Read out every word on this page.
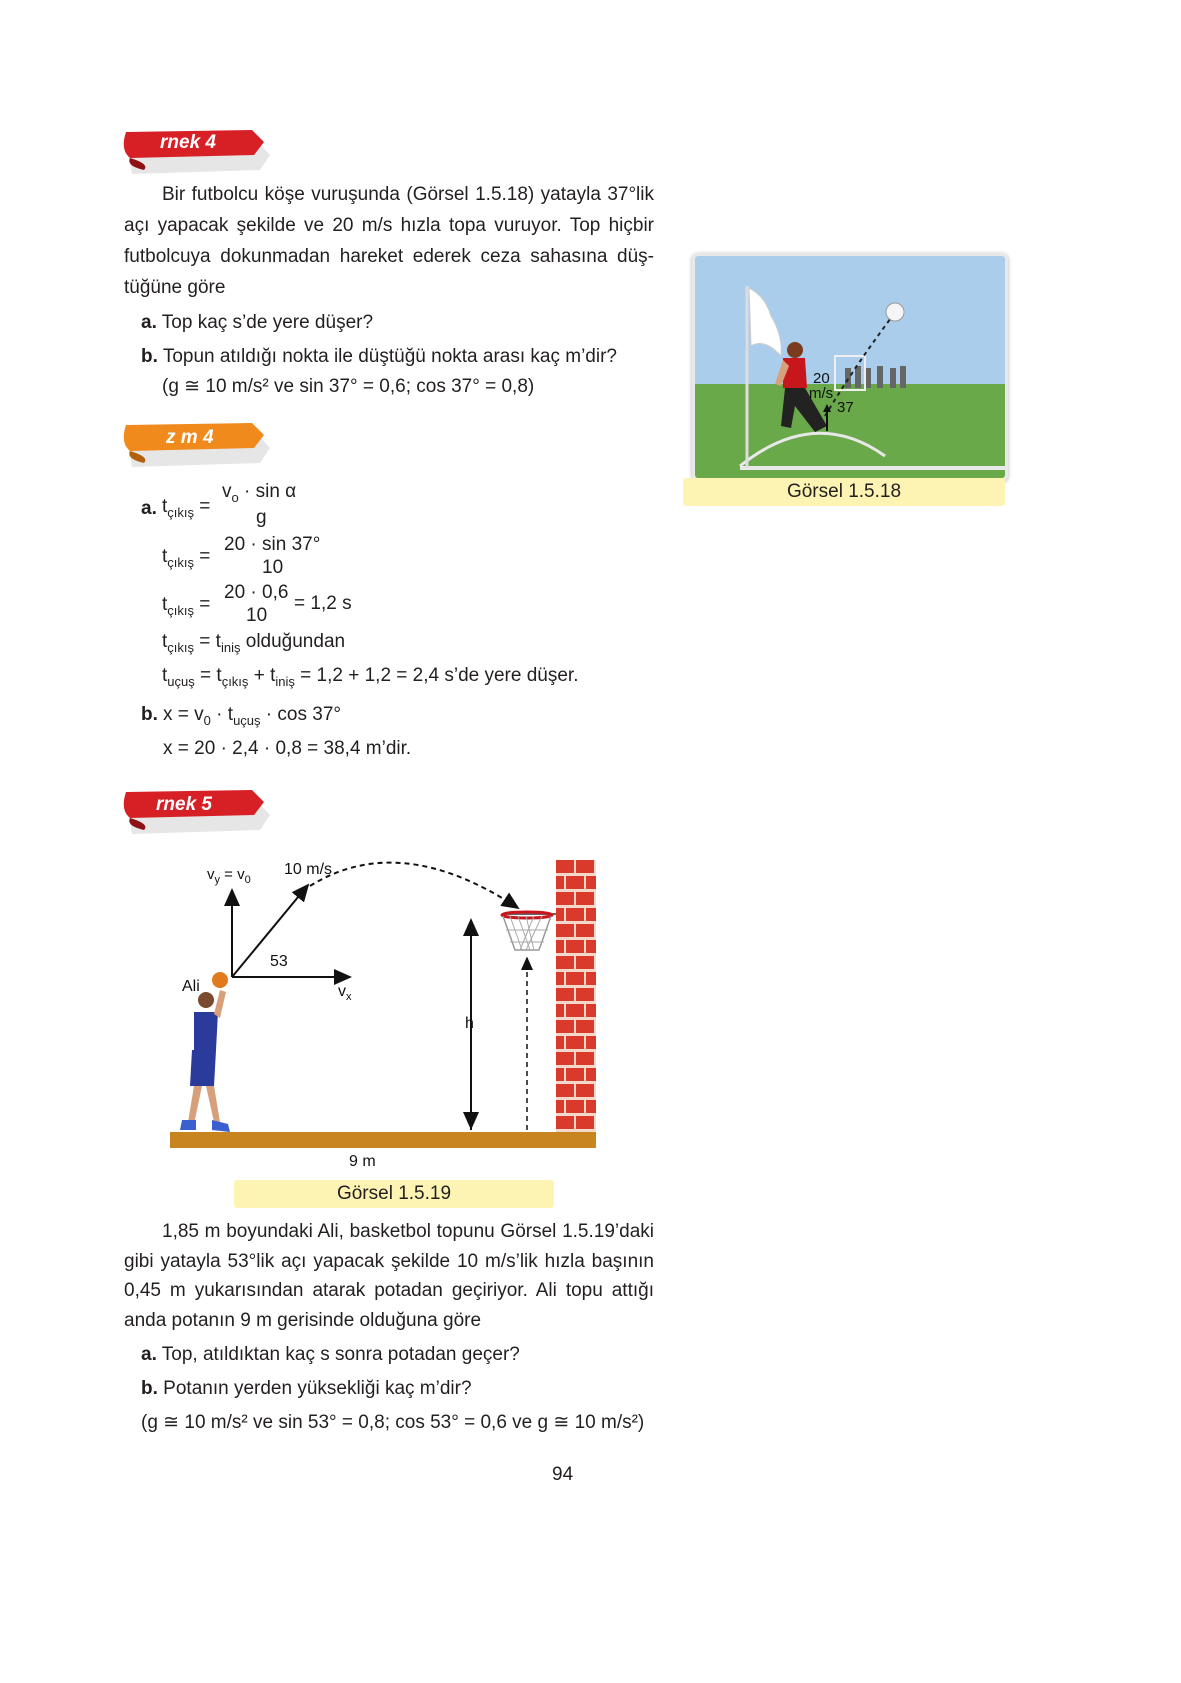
rnek 4
Bir futbolcu köşe vuruşunda (Görsel 1.5.18) yatayla 37°lik açı yapacak şekilde ve 20 m/s hızla topa vuruyor. Top hiçbir futbolcuya dokunmadan hareket ederek ceza sahasına düş-tüğüne göre
a. Top kaç s’de yere düşer?
b. Topun atıldığı nokta ile düştüğü nokta arası kaç m’dir?
(g ≅ 10 m/s² ve sin 37° = 0,6; cos 37° = 0,8)	20
m/s
37
Görsel 1.5.18
z m 4
a. $t_{çıkış}$ =
$v_o \cdot \sin \alpha$
g
$t_{çıkış}$ =
20 · sin 37°
10
$t_{çıkış}$ =
20 · 0,6
10
= 1,2 s
$t_{çıkış} = t_{iniş}$ olduğundan
$t_{uçuş} = t_{çıkış} + t_{iniş} = 1,2 + 1,2 = 2,4$ s’de yere düşer.
b. $x = v_0 \cdot t_{uçuş} \cdot \cos 37^\circ$
x = 20 · 2,4 · 0,8 = 38,4 m’dir.
rnek 5
$v_y = v_0$
10 m/s
53
$v_x$
Ali
h
9 m
Görsel 1.5.19
1,85 m boyundaki Ali, basketbol topunu Görsel 1.5.19’daki gibi yatayla 53°lik açı yapacak şekilde 10 m/s’lik hızla başının 0,45 m yukarısından atarak potadan geçiriyor. Ali topu attığı anda potanın 9 m gerisinde olduğuna göre
a. Top, atıldıktan kaç s sonra potadan geçer?
b. Potanın yerden yüksekliği kaç m’dir?
(g ≅ 10 m/s² ve sin 53° = 0,8; cos 53° = 0,6 ve g ≅ 10 m/s²)
94
